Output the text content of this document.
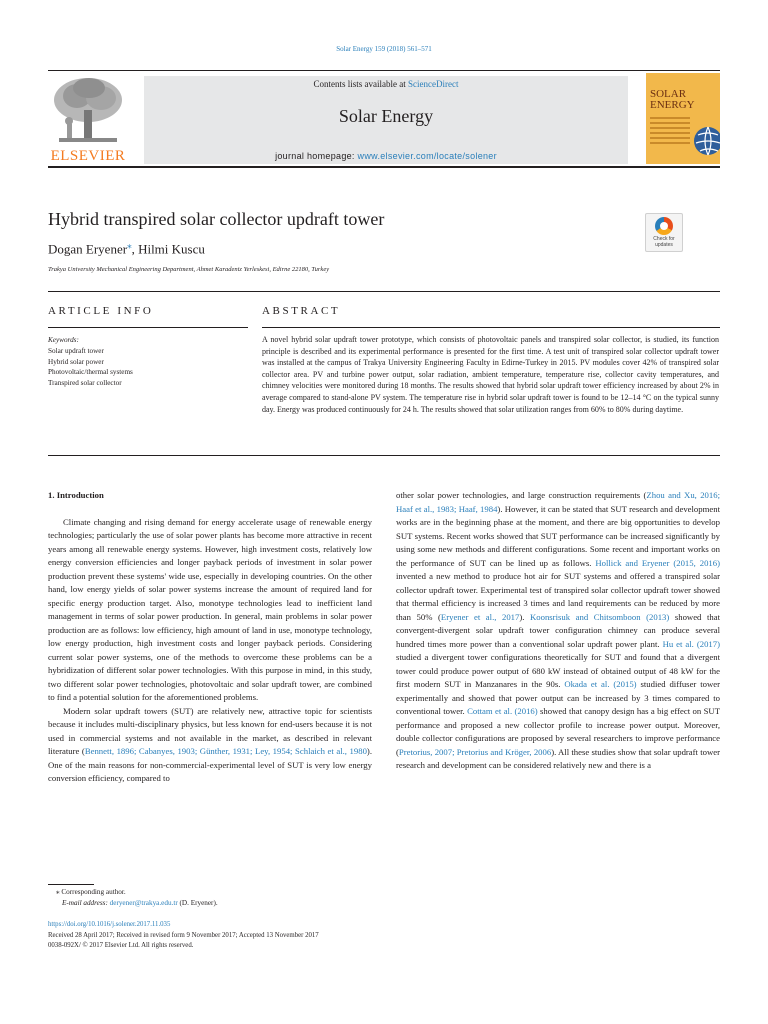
Solar Energy 159 (2018) 561–571
ELSEVIER
Contents lists available at ScienceDirect
Solar Energy
journal homepage: www.elsevier.com/locate/solener
SOLAR
ENERGY
Hybrid transpired solar collector updraft tower
Dogan Eryener⁎, Hilmi Kuscu
Trakya University Mechanical Engineering Department, Ahmet Karadeniz Yerleskesi, Edirne 22180, Turkey
Check for
updates
ARTICLE INFO	ABSTRACT
Keywords:
Solar updraft tower
Hybrid solar power
Photovoltaic/thermal systems
Transpired solar collector
A novel hybrid solar updraft tower prototype, which consists of photovoltaic panels and transpired solar collector, is studied, its function principle is described and its experimental performance is presented for the first time. A test unit of transpired solar collector updraft tower was installed at the campus of Trakya University Engineering Faculty in Edirne-Turkey in 2015. PV modules cover 42% of transpired solar collector area. PV and turbine power output, solar radiation, ambient temperature, temperature rise, collector cavity temperatures, and chimney velocities were monitored during 18 months. The results showed that hybrid solar updraft tower efficiency increased by about 2% in average compared to stand-alone PV system. The temperature rise in hybrid solar updraft tower is found to be 12–14 °C on the typical sunny day. Energy was produced continuously for 24 h. The results showed that solar utilization ranges from 60% to 80% during daytime.
1. Introduction

Climate changing and rising demand for energy accelerate usage of renewable energy technologies; particularly the use of solar power plants has become more attractive in recent years among all renewable energy systems. However, high investment costs, relatively low energy conversion efficiencies and longer payback periods of investment in solar power production prevent these systems' wide use, especially in developing countries. On the other hand, low energy yields of solar power systems increase the amount of required land for specific energy production target. Also, monotype technologies lead to inefficient land management in terms of solar power production. In general, main problems in solar power production are as follows: low efficiency, high amount of land in use, monotype technology, low energy production, high investment costs and longer payback periods. Considering current solar power systems, one of the methods to overcome these problems can be a hybridization of different solar power technologies. With this purpose in mind, in this study, two different solar power technologies, photovoltaic and solar updraft tower, are combined to find a potential solution for the aforementioned problems.

Modern solar updraft towers (SUT) are relatively new, attractive topic for scientists because it includes multi-disciplinary physics, but less known for end-users because it is not used in commercial systems and not available in the market, as described in relevant literature (Bennett, 1896; Cabanyes, 1903; Günther, 1931; Ley, 1954; Schlaich et al., 1980). One of the main reasons for non-commercial-experimental level of SUT is very low energy conversion efficiency, compared to

other solar power technologies, and large construction requirements (Zhou and Xu, 2016; Haaf et al., 1983; Haaf, 1984). However, it can be stated that SUT research and development works are in the beginning phase at the moment, and there are big opportunities to develop SUT systems. Recent works showed that SUT performance can be increased significantly by using some new methods and different configurations. Some recent and important works on the performance of SUT can be lined up as follows. Hollick and Eryener (2015, 2016) invented a new method to produce hot air for SUT systems and offered a transpired solar collector updraft tower. Experimental test of transpired solar collector updraft tower showed that thermal efficiency is increased 3 times and land requirements can be reduced by more than 50% (Eryener et al., 2017). Koonsrisuk and Chitsomboon (2013) showed that convergent-divergent solar updraft tower configuration chimney can produce several hundred times more power than a conventional solar updraft power plant. Hu et al. (2017) studied a divergent tower configurations theoretically for SUT and found that a divergent tower could produce power output of 680 kW instead of obtained output of 48 kW for the first modern SUT in Manzanares in the 90s. Okada et al. (2015) studied diffuser tower experimentally and showed that power output can be increased by 3 times compared to conventional tower. Cottam et al. (2016) showed that canopy design has a big effect on SUT performance and proposed a new collector profile to increase power output. Moreover, double collector configurations are proposed by several researchers to improve performance (Pretorius, 2007; Pretorius and Kröger, 2006). All these studies show that solar updraft tower research and development can be considered relatively new and there is a

⁎ Corresponding author.
E-mail address: deryener@trakya.edu.tr (D. Eryener).
https://doi.org/10.1016/j.solener.2017.11.035
Received 28 April 2017; Received in revised form 9 November 2017; Accepted 13 November 2017
0038-092X/ © 2017 Elsevier Ltd. All rights reserved.
